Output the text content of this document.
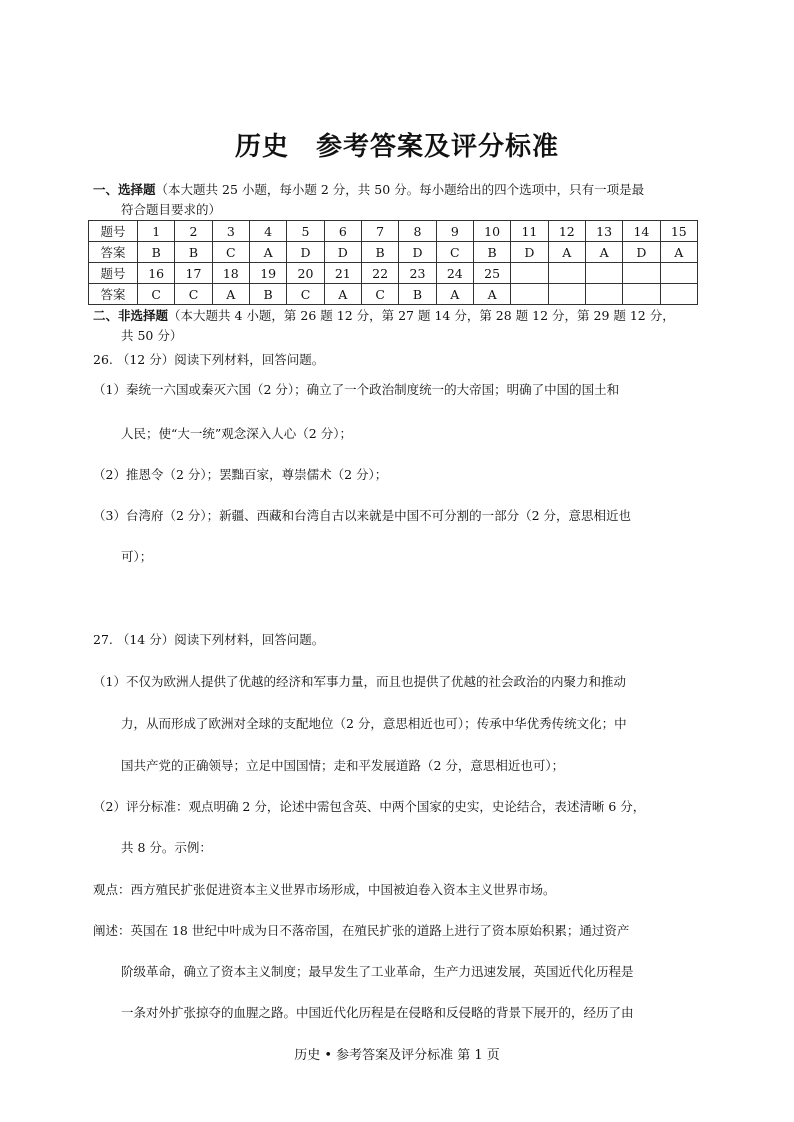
历史　参考答案及评分标准
一、选择题（本大题共 25 小题，每小题 2 分，共 50 分。每小题给出的四个选项中，只有一项是最
符合题目要求的）
题号	1	2	3	4	5	6	7	8	9	10	11	12	13	14	15
答案	B	B	C	A	D	D	B	D	C	B	D	A	A	D	A
题号	16	17	18	19	20	21	22	23	24	25					
答案	C	C	A	B	C	A	C	B	A	A					
二、非选择题（本大题共 4 小题，第 26 题 12 分，第 27 题 14 分，第 28 题 12 分，第 29 题 12 分，
共 50 分）
26. （12 分）阅读下列材料，回答问题。
（1）秦统一六国或秦灭六国（2 分）；确立了一个政治制度统一的大帝国；明确了中国的国土和
人民；使“大一统”观念深入人心（2 分）；
（2）推恩令（2 分）；罢黜百家，尊崇儒术（2 分）；
（3）台湾府（2 分）；新疆、西藏和台湾自古以来就是中国不可分割的一部分（2 分，意思相近也
可）；
27. （14 分）阅读下列材料，回答问题。
（1）不仅为欧洲人提供了优越的经济和军事力量，而且也提供了优越的社会政治的内聚力和推动
力，从而形成了欧洲对全球的支配地位（2 分，意思相近也可）；传承中华优秀传统文化；中
国共产党的正确领导；立足中国国情；走和平发展道路（2 分，意思相近也可）；
（2）评分标准：观点明确 2 分，论述中需包含英、中两个国家的史实，史论结合，表述清晰 6 分，
共 8 分。示例：
观点：西方殖民扩张促进资本主义世界市场形成，中国被迫卷入资本主义世界市场。
阐述：英国在 18 世纪中叶成为日不落帝国，在殖民扩张的道路上进行了资本原始积累；通过资产
阶级革命，确立了资本主义制度；最早发生了工业革命，生产力迅速发展，英国近代化历程是
一条对外扩张掠夺的血腥之路。中国近代化历程是在侵略和反侵略的背景下展开的，经历了由
历史 • 参考答案及评分标准 第 1 页
